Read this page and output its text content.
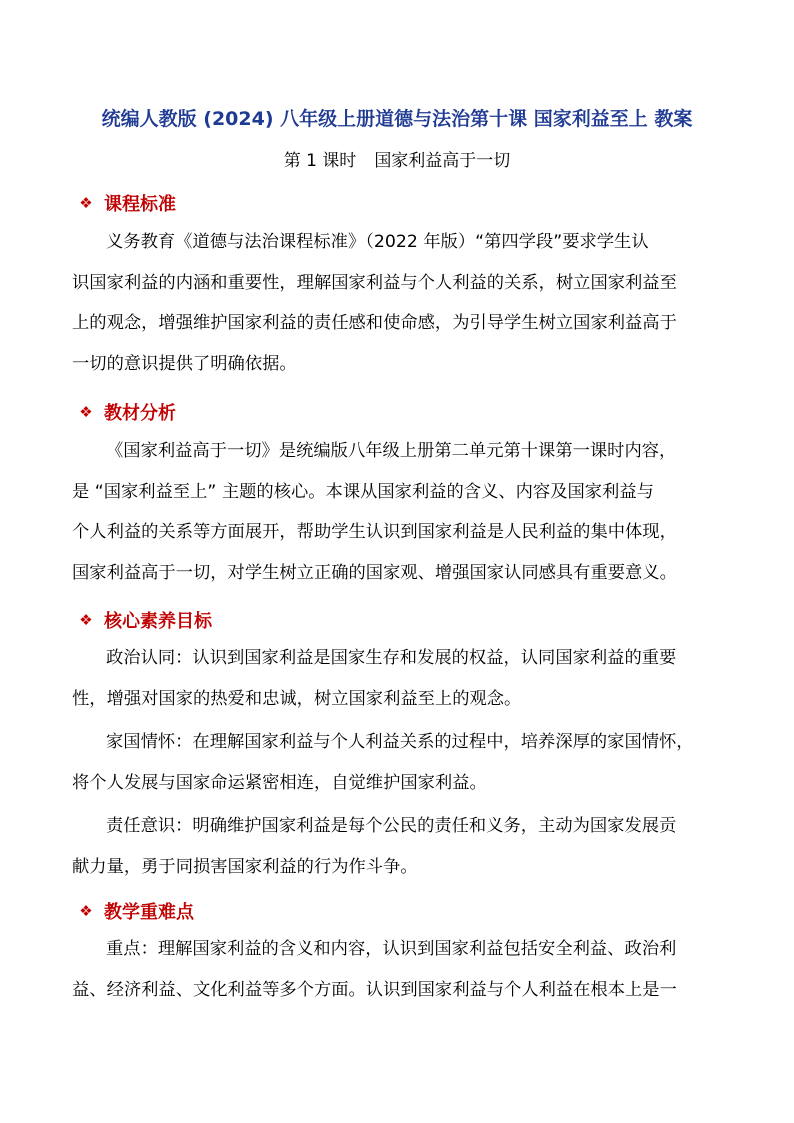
统编人教版 (2024) 八年级上册道德与法治第十课 国家利益至上 教案
第 1 课时 国家利益高于一切
❖ 课程标准
义务教育《道德与法治课程标准》（2022 年版）“第四学段”要求学生认
识国家利益的内涵和重要性，理解国家利益与个人利益的关系，树立国家利益至
上的观念，增强维护国家利益的责任感和使命感，为引导学生树立国家利益高于
一切的意识提供了明确依据。
❖ 教材分析
《国家利益高于一切》是统编版八年级上册第二单元第十课第一课时内容，
是 “国家利益至上” 主题的核心。本课从国家利益的含义、内容及国家利益与
个人利益的关系等方面展开，帮助学生认识到国家利益是人民利益的集中体现，
国家利益高于一切，对学生树立正确的国家观、增强国家认同感具有重要意义。
❖ 核心素养目标
政治认同：认识到国家利益是国家生存和发展的权益，认同国家利益的重要
性，增强对国家的热爱和忠诚，树立国家利益至上的观念。
家国情怀：在理解国家利益与个人利益关系的过程中，培养深厚的家国情怀，
将个人发展与国家命运紧密相连，自觉维护国家利益。
责任意识：明确维护国家利益是每个公民的责任和义务，主动为国家发展贡
献力量，勇于同损害国家利益的行为作斗争。
❖ 教学重难点
重点：理解国家利益的含义和内容，认识到国家利益包括安全利益、政治利
益、经济利益、文化利益等多个方面。认识到国家利益与个人利益在根本上是一
